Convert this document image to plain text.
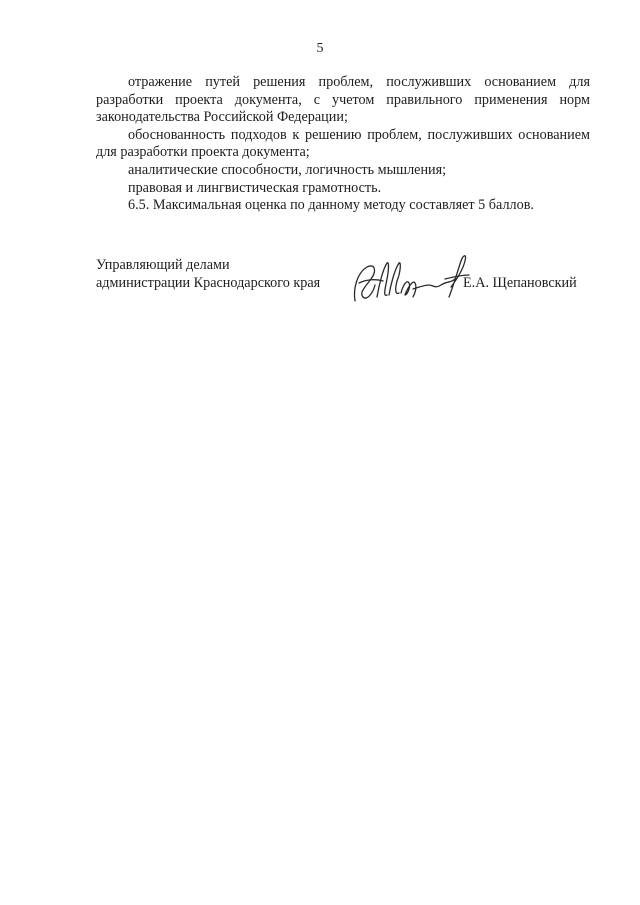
5

отражение путей решения проблем, послуживших основанием для разработки проекта документа, с учетом правильного применения норм законодательства Российской Федерации;

обоснованность подходов к решению проблем, послуживших основанием для разработки проекта документа;

аналитические способности, логичность мышления;

правовая и лингвистическая грамотность.

6.5. Максимальная оценка по данному методу составляет 5 баллов.

Управляющий делами
администрации Краснодарского края	Е.А. Щепановский
